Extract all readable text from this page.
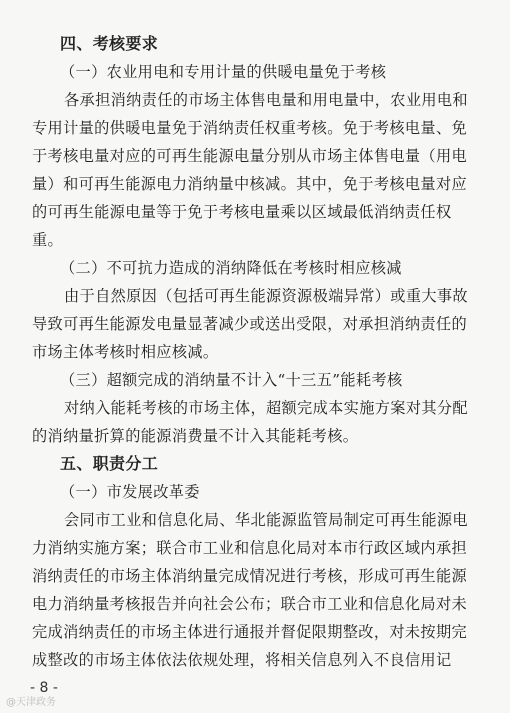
四、考核要求
（一）农业用电和专用计量的供暖电量免于考核
各承担消纳责任的市场主体售电量和用电量中，农业用电和
专用计量的供暖电量免于消纳责任权重考核。免于考核电量、免
于考核电量对应的可再生能源电量分别从市场主体售电量（用电
量）和可再生能源电力消纳量中核减。其中，免于考核电量对应
的可再生能源电量等于免于考核电量乘以区域最低消纳责任权
重。
（二）不可抗力造成的消纳降低在考核时相应核减
由于自然原因（包括可再生能源资源极端异常）或重大事故
导致可再生能源发电量显著减少或送出受限，对承担消纳责任的
市场主体考核时相应核减。
（三）超额完成的消纳量不计入“十三五”能耗考核
对纳入能耗考核的市场主体，超额完成本实施方案对其分配
的消纳量折算的能源消费量不计入其能耗考核。
五、职责分工
（一）市发展改革委
会同市工业和信息化局、华北能源监管局制定可再生能源电
力消纳实施方案；联合市工业和信息化局对本市行政区域内承担
消纳责任的市场主体消纳量完成情况进行考核，形成可再生能源
电力消纳量考核报告并向社会公布；联合市工业和信息化局对未
完成消纳责任的市场主体进行通报并督促限期整改，对未按期完
成整改的市场主体依法依规处理，将相关信息列入不良信用记
- 8 -
@天津政务
